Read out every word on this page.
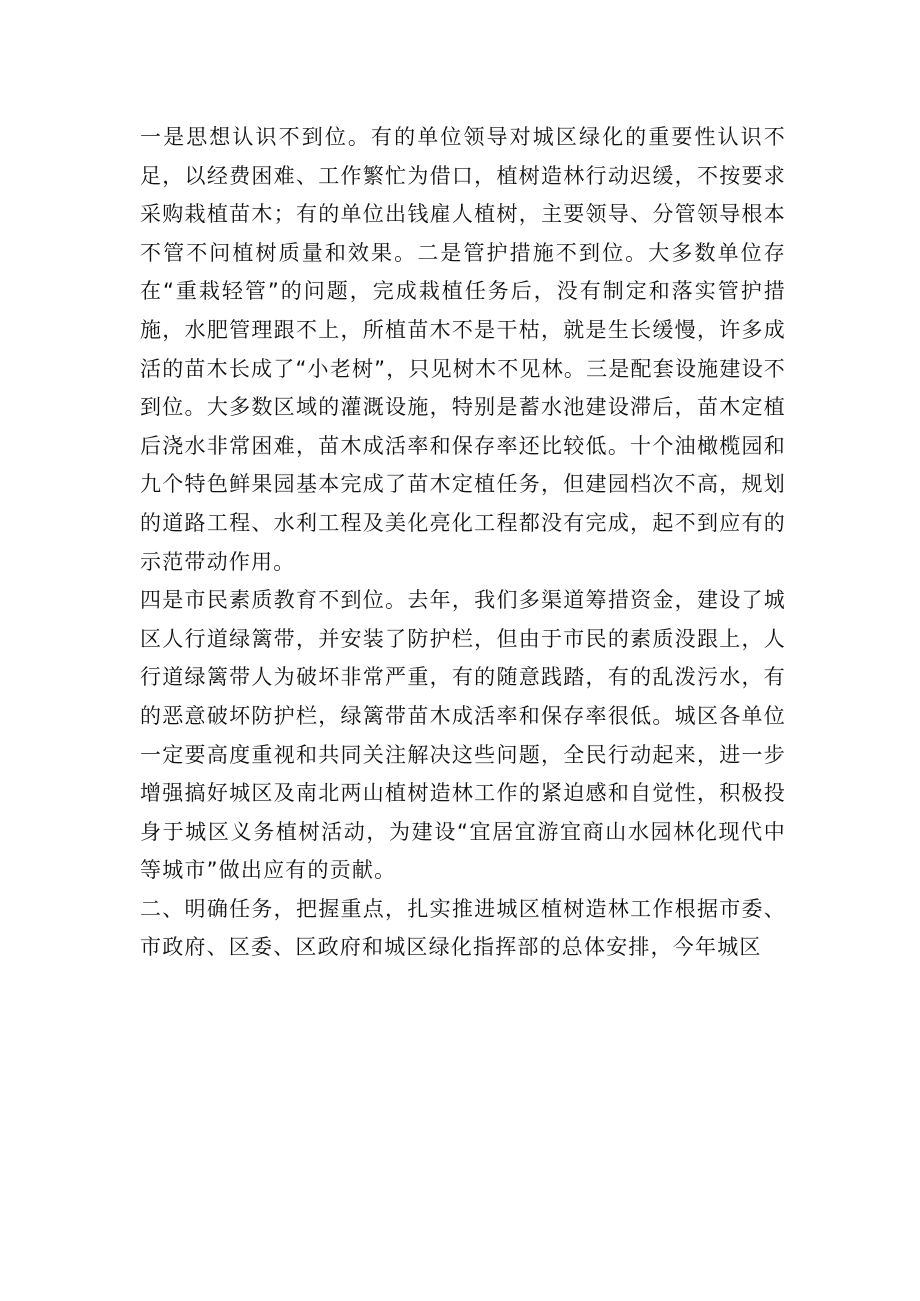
一是思想认识不到位。有的单位领导对城区绿化的重要性认识不足，以经费困难、工作繁忙为借口，植树造林行动迟缓，不按要求采购栽植苗木；有的单位出钱雇人植树，主要领导、分管领导根本不管不问植树质量和效果。二是管护措施不到位。大多数单位存在“重栽轻管”的问题，完成栽植任务后，没有制定和落实管护措施，水肥管理跟不上，所植苗木不是干枯，就是生长缓慢，许多成活的苗木长成了“小老树”，只见树木不见林。三是配套设施建设不到位。大多数区域的灌溉设施，特别是蓄水池建设滞后，苗木定植后浇水非常困难，苗木成活率和保存率还比较低。十个油橄榄园和九个特色鲜果园基本完成了苗木定植任务，但建园档次不高，规划的道路工程、水利工程及美化亮化工程都没有完成，起不到应有的示范带动作用。

四是市民素质教育不到位。去年，我们多渠道筹措资金，建设了城区人行道绿篱带，并安装了防护栏，但由于市民的素质没跟上，人行道绿篱带人为破坏非常严重，有的随意践踏，有的乱泼污水，有的恶意破坏防护栏，绿篱带苗木成活率和保存率很低。城区各单位一定要高度重视和共同关注解决这些问题，全民行动起来，进一步增强搞好城区及南北两山植树造林工作的紧迫感和自觉性，积极投身于城区义务植树活动，为建设“宜居宜游宜商山水园林化现代中等城市”做出应有的贡献。

二、明确任务，把握重点，扎实推进城区植树造林工作根据市委、市政府、区委、区政府和城区绿化指挥部的总体安排，今年城区
